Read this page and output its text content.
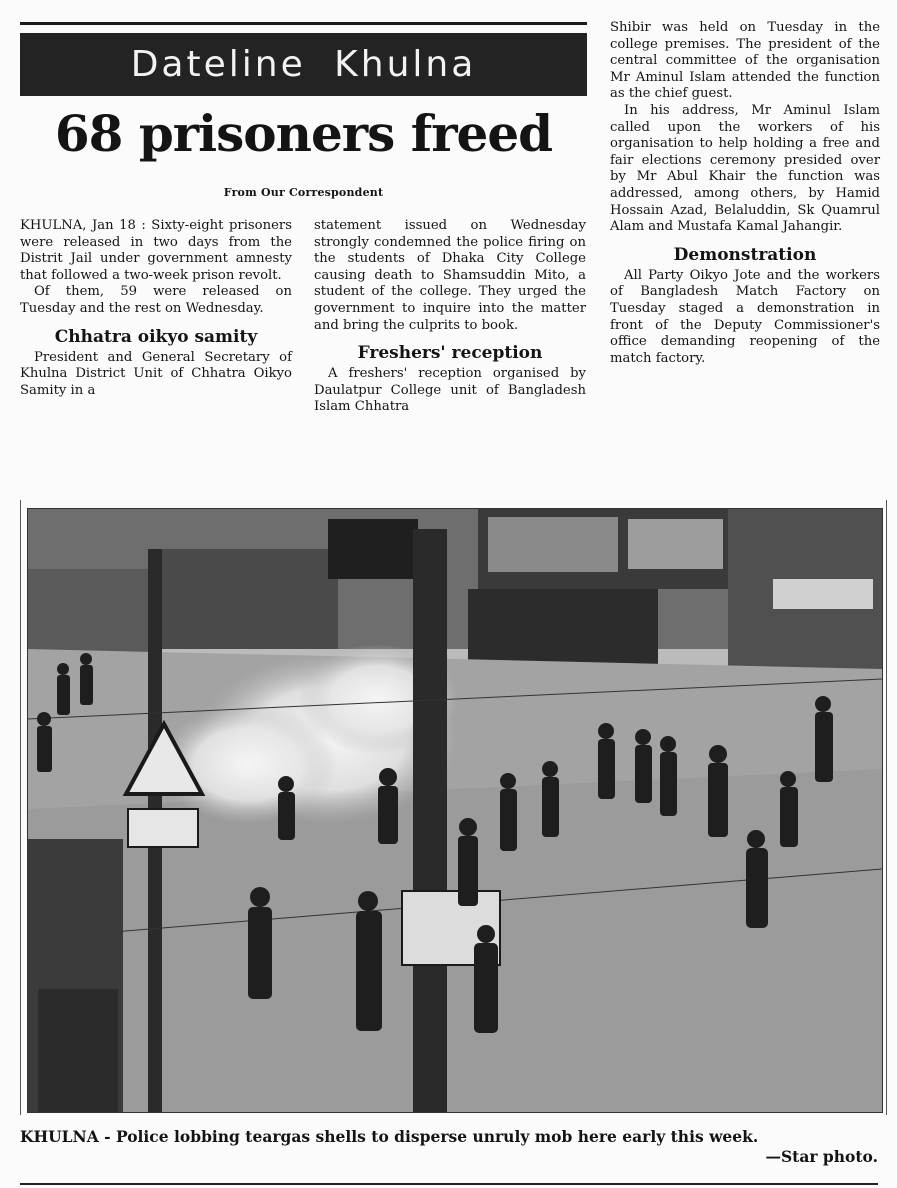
Dateline Khulna
68 prisoners freed
From Our Correspondent

KHULNA, Jan 18 : Sixty-eight prisoners were released in two days from the Distrit Jail under government amnesty that followed a two-week prison revolt.

Of them, 59 were released on Tuesday and the rest on Wednesday.

Chhatra oikyo samity

President and General Secretary of Khulna District Unit of Chhatra Oikyo Samity in a

statement issued on Wednesday strongly condemned the police firing on the students of Dhaka City College causing death to Shamsuddin Mito, a student of the college. They urged the government to inquire into the matter and bring the culprits to book.

Freshers' reception

A freshers' reception organised by Daulatpur College unit of Bangladesh Islam Chhatra

Shibir was held on Tuesday in the college premises. The president of the central committee of the organisation Mr Aminul Islam attended the function as the chief guest.

In his address, Mr Aminul Islam called upon the workers of his organisation to help holding a free and fair elections ceremony presided over by Mr Abul Khair the function was addressed, among others, by Hamid Hossain Azad, Belaluddin, Sk Quamrul Alam and Mustafa Kamal Jahangir.

Demonstration

All Party Oikyo Jote and the workers of Bangladesh Match Factory on Tuesday staged a demonstration in front of the Deputy Commissioner's office demanding reopening of the match factory.

KHULNA - Police lobbing teargas shells to disperse unruly mob here early this week.
—Star photo.
